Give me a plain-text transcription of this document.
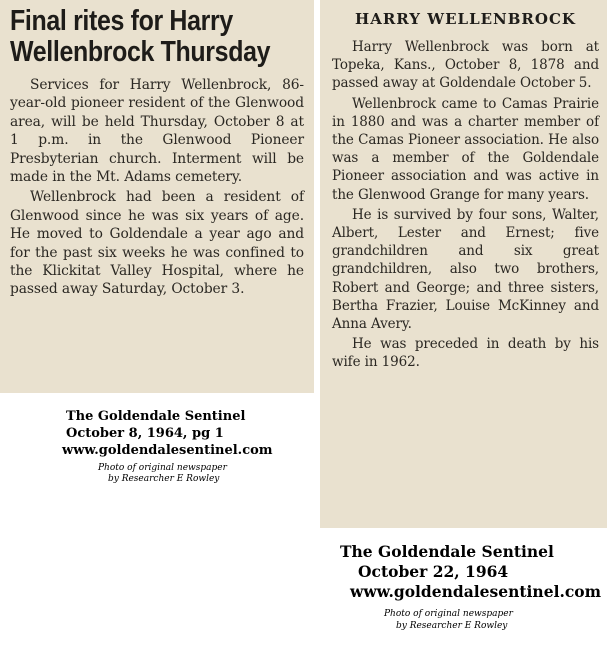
Final rites for Harry Wellenbrock Thursday

Services for Harry Wellenbrock, 86-year-old pioneer resident of the Glenwood area, will be held Thursday, October 8 at 1 p.m. in the Glenwood Pioneer Presbyterian church. Interment will be made in the Mt. Adams cemetery.

Wellenbrock had been a resident of Glenwood since he was six years of age. He moved to Goldendale a year ago and for the past six weeks he was confined to the Klickitat Valley Hospital, where he passed away Saturday, October 3.

The Goldendale Sentinel

October 8, 1964, pg 1

www.goldendalesentinel.com

Photo of original newspaper

by Researcher E Rowley

HARRY WELLENBROCK

Harry Wellenbrock was born at Topeka, Kans., October 8, 1878 and passed away at Goldendale October 5.

Wellenbrock came to Camas Prairie in 1880 and was a charter member of the Camas Pioneer association. He also was a member of the Goldendale Pioneer association and was active in the Glenwood Grange for many years.

He is survived by four sons, Walter, Albert, Lester and Ernest; five grandchildren and six great grandchildren, also two brothers, Robert and George; and three sisters, Bertha Frazier, Louise McKinney and Anna Avery.

He was preceded in death by his wife in 1962.

The Goldendale Sentinel

October 22, 1964

www.goldendalesentinel.com

Photo of original newspaper

by Researcher E Rowley
